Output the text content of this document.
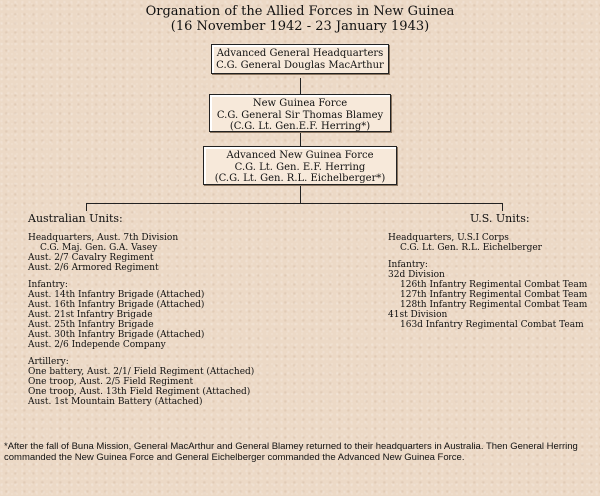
Organation of the Allied Forces in New Guinea
(16 November 1942 - 23 January 1943)
Advanced General Headquarters
C.G. General Douglas MacArthur
New Guinea Force
C.G. General Sir Thomas Blamey
(C.G. Lt. Gen.E.F. Herring*)
Advanced New Guinea Force
C.G. Lt. Gen. E.F. Herring
(C.G. Lt. Gen. R.L. Eichelberger*)
Australian Units:
Headquarters, Aust. 7th Division
C.G. Maj. Gen. G.A. Vasey
Aust. 2/7 Cavalry Regiment
Aust. 2/6 Armored Regiment
Infantry:
Aust. 14th Infantry Brigade (Attached)
Aust. 16th Infantry Brigade (Attached)
Aust. 21st Infantry Brigade
Aust. 25th Infantry Brigade
Aust. 30th Infantry Brigade (Attached)
Aust. 2/6 Independe Company
Artillery:
One battery, Aust. 2/1/ Field Regiment (Attached)
One troop, Aust. 2/5 Field Regiment
One troop, Aust. 13th Field Regiment (Attached)
Aust. 1st Mountain Battery (Attached)
U.S. Units:
Headquarters, U.S.I Corps
C.G. Lt. Gen. R.L. Eichelberger
Infantry:
32d Division
126th Infantry Regimental Combat Team
127th Infantry Regimental Combat Team
128th Infantry Regimental Combat Team
41st Division
163d Infantry Regimental Combat Team
*After the fall of Buna Mission, General MacArthur and General Blamey returned to their headquarters in Australia. Then General Herring commanded the New Guinea Force and General Eichelberger commanded the Advanced New Guinea Force.
